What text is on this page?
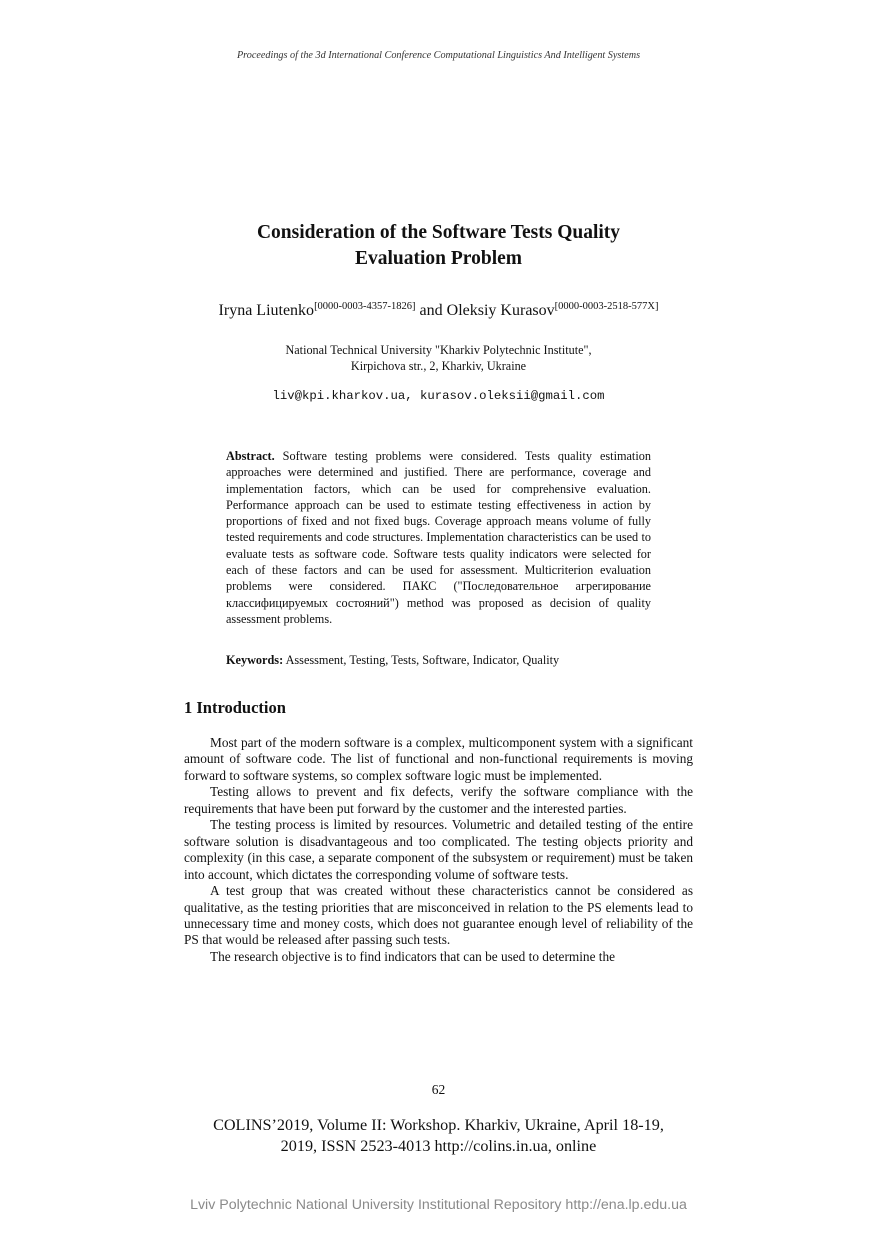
Proceedings of the 3d International Conference Computational Linguistics And Intelligent Systems
Consideration of the Software Tests Quality
Evaluation Problem
Iryna Liutenko[0000-0003-4357-1826] and Oleksiy Kurasov[0000-0003-2518-577X]
National Technical University "Kharkiv Polytechnic Institute",
Kirpichova str., 2, Kharkiv, Ukraine
liv@kpi.kharkov.ua, kurasov.oleksii@gmail.com

Abstract. Software testing problems were considered. Tests quality estimation approaches were determined and justified. There are performance, coverage and implementation factors, which can be used for comprehensive evaluation. Performance approach can be used to estimate testing effectiveness in action by proportions of fixed and not fixed bugs. Coverage approach means volume of fully tested requirements and code structures. Implementation characteristics can be used to evaluate tests as software code. Software tests quality indicators were selected for each of these factors and can be used for assessment. Multicriterion evaluation problems were considered. ПАКС ("Последовательное агрегирование классифицируемых состояний") method was proposed as decision of quality assessment problems.

Keywords: Assessment, Testing, Tests, Software, Indicator, Quality
1 Introduction

Most part of the modern software is a complex, multicomponent system with a significant amount of software code. The list of functional and non-functional requirements is moving forward to software systems, so complex software logic must be implemented.

Testing allows to prevent and fix defects, verify the software compliance with the requirements that have been put forward by the customer and the interested parties.

The testing process is limited by resources. Volumetric and detailed testing of the entire software solution is disadvantageous and too complicated. The testing objects priority and complexity (in this case, a separate component of the subsystem or requirement) must be taken into account, which dictates the corresponding volume of software tests.

A test group that was created without these characteristics cannot be considered as qualitative, as the testing priorities that are misconceived in relation to the PS elements lead to unnecessary time and money costs, which does not guarantee enough level of reliability of the PS that would be released after passing such tests.

The research objective is to find indicators that can be used to determine the

62
COLINS’2019, Volume II: Workshop. Kharkiv, Ukraine, April 18-19,
2019, ISSN 2523-4013 http://colins.in.ua, online
Lviv Polytechnic National University Institutional Repository http://ena.lp.edu.ua
